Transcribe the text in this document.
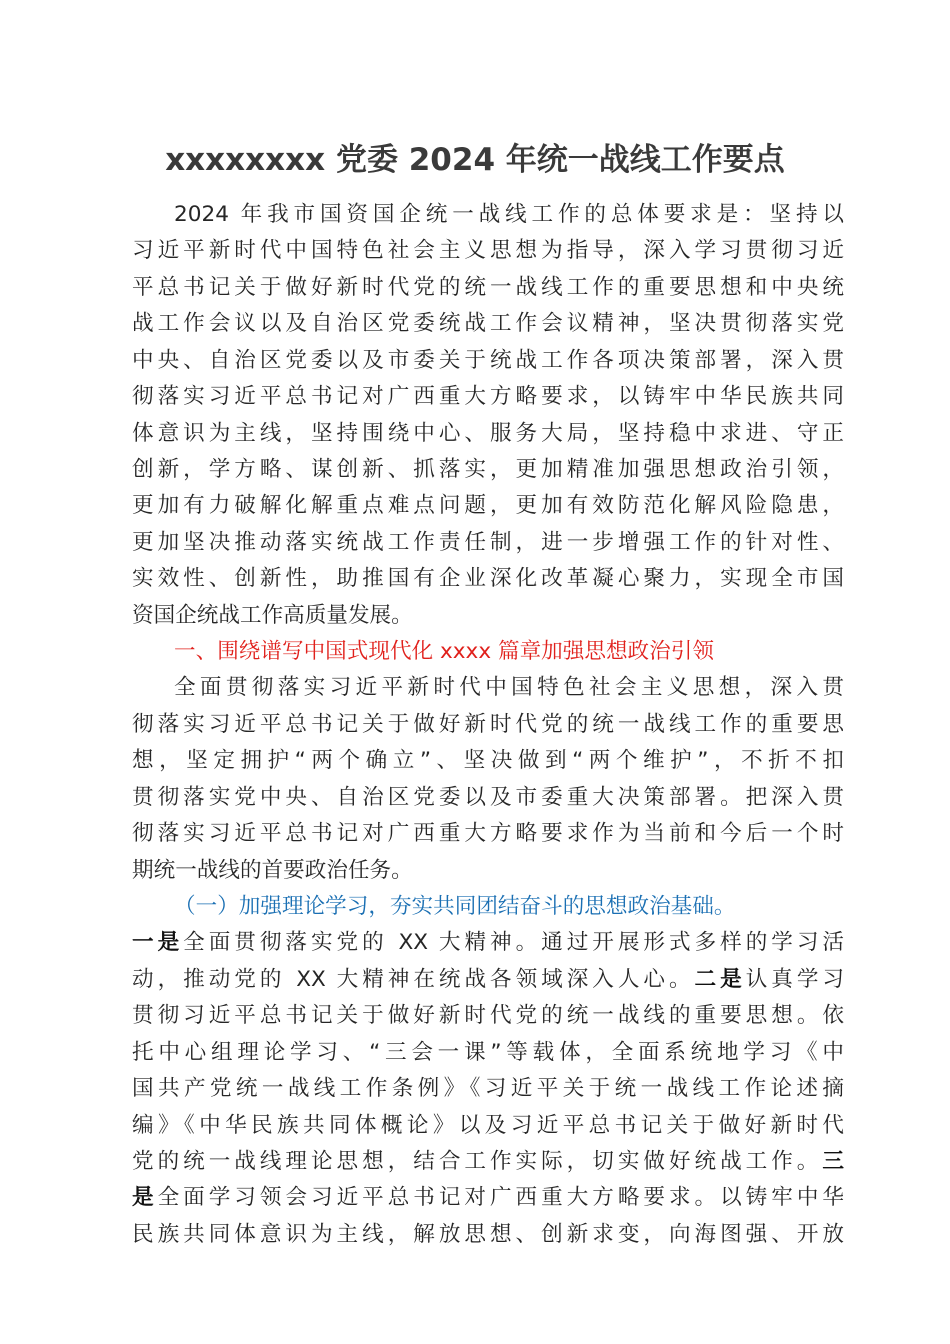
xxxxxxxx 党委 2024 年统一战线工作要点

2024 年我市国资国企统一战线工作的总体要求是：坚持以

习近平新时代中国特色社会主义思想为指导，深入学习贯彻习近

平总书记关于做好新时代党的统一战线工作的重要思想和中央统

战工作会议以及自治区党委统战工作会议精神，坚决贯彻落实党

中央、自治区党委以及市委关于统战工作各项决策部署，深入贯

彻落实习近平总书记对广西重大方略要求，以铸牢中华民族共同

体意识为主线，坚持围绕中心、服务大局，坚持稳中求进、守正

创新，学方略、谋创新、抓落实，更加精准加强思想政治引领，

更加有力破解化解重点难点问题，更加有效防范化解风险隐患，

更加坚决推动落实统战工作责任制，进一步增强工作的针对性、

实效性、创新性，助推国有企业深化改革凝心聚力，实现全市国

资国企统战工作高质量发展。

一、围绕谱写中国式现代化 xxxx 篇章加强思想政治引领

全面贯彻落实习近平新时代中国特色社会主义思想，深入贯

彻落实习近平总书记关于做好新时代党的统一战线工作的重要思

想，坚定拥护“两个确立”、坚决做到“两个维护”，不折不扣

贯彻落实党中央、自治区党委以及市委重大决策部署。把深入贯

彻落实习近平总书记对广西重大方略要求作为当前和今后一个时

期统一战线的首要政治任务。

（一）加强理论学习，夯实共同团结奋斗的思想政治基础。

一是全面贯彻落实党的 XX 大精神。通过开展形式多样的学习活

动，推动党的 XX 大精神在统战各领域深入人心。二是认真学习

贯彻习近平总书记关于做好新时代党的统一战线的重要思想。依

托中心组理论学习、“三会一课”等载体，全面系统地学习《中

国共产党统一战线工作条例》《习近平关于统一战线工作论述摘

编》《中华民族共同体概论》以及习近平总书记关于做好新时代

党的统一战线理论思想，结合工作实际，切实做好统战工作。三

是全面学习领会习近平总书记对广西重大方略要求。以铸牢中华

民族共同体意识为主线，解放思想、创新求变，向海图强、开放
